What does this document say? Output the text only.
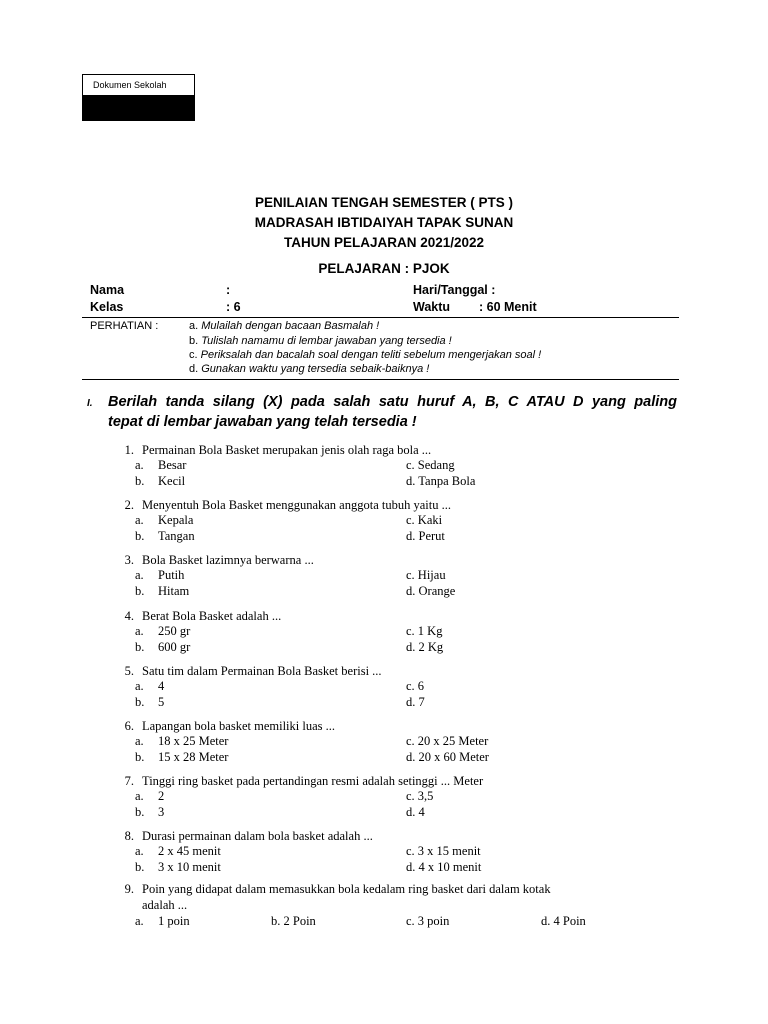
Dokumen Sekolah
PENILAIAN TENGAH SEMESTER ( PTS )
MADRASAH IBTIDAIYAH TAPAK SUNAN
TAHUN PELAJARAN 2021/2022
PELAJARAN : PJOK
Nama	:	Hari/Tanggal :
Kelas	: 6	Waktu : 60 Menit
PERHATIAN :	a. Mulailah dengan bacaan Basmalah !
b. Tulislah namamu di lembar jawaban yang tersedia !
c. Periksalah dan bacalah soal dengan teliti sebelum mengerjakan soal !
d. Gunakan waktu yang tersedia sebaik-baiknya !
I. Berilah tanda silang (X) pada salah satu huruf A, B, C ATAU D yang paling
tepat di lembar jawaban yang telah tersedia !
1. Permainan Bola Basket merupakan jenis olah raga bola ...
a. Besar
b. Kecil
c. Sedang
d. Tanpa Bola
2. Menyentuh Bola Basket menggunakan anggota tubuh yaitu ...
a. Kepala
b. Tangan
c. Kaki
d. Perut
3. Bola Basket lazimnya berwarna ...
a. Putih
b. Hitam
c. Hijau
d. Orange
4. Berat Bola Basket adalah ...
a. 250 gr
b. 600 gr
c. 1 Kg
d. 2 Kg
5. Satu tim dalam Permainan Bola Basket berisi ...
a. 4
b. 5
c. 6
d. 7
6. Lapangan bola basket memiliki luas ...
a. 18 x 25 Meter
b. 15 x 28 Meter
c. 20 x 25 Meter
d. 20 x 60 Meter
7. Tinggi ring basket pada pertandingan resmi adalah setinggi ... Meter
a. 2
b. 3
c. 3,5
d. 4
8. Durasi permainan dalam bola basket adalah ...
a. 2 x 45 menit
b. 3 x 10 menit
c. 3 x 15 menit
d. 4 x 10 menit
9. Poin yang didapat dalam memasukkan bola kedalam ring basket dari dalam kotak
adalah ...
a. 1 poin	b. 2 Poin	c. 3 poin	d. 4 Poin
